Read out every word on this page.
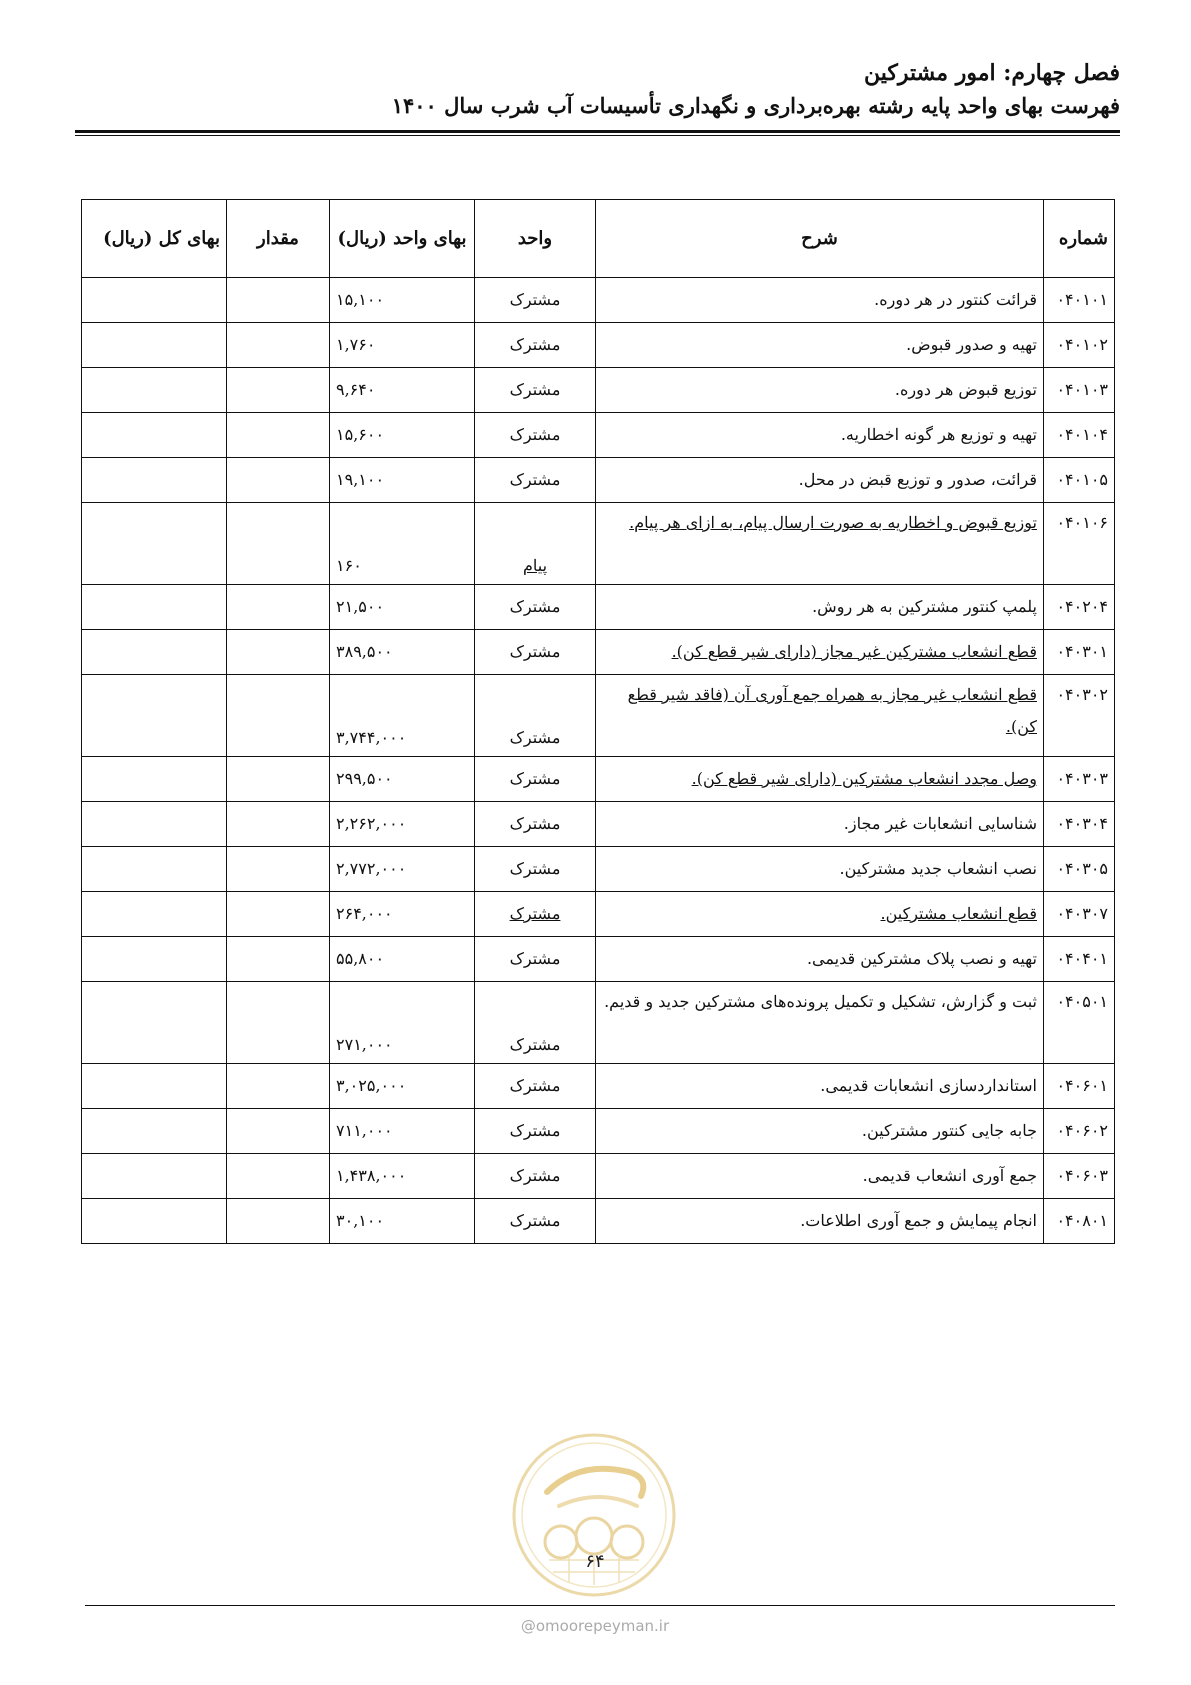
فصل چهارم: امور مشترکین
فهرست بهای واحد پایه رشته بهره‌برداری و نگهداری تأسیسات آب شرب سال ۱۴۰۰
شماره	شرح	واحد	بهای واحد (ریال)	مقدار	بهای کل (ریال)
۰۴۰۱۰۱	قرائت کنتور در هر دوره.	مشترک	۱۵,۱۰۰		
۰۴۰۱۰۲	تهیه و صدور قبوض.	مشترک	۱,۷۶۰		
۰۴۰۱۰۳	توزیع قبوض هر دوره.	مشترک	۹,۶۴۰		
۰۴۰۱۰۴	تهیه و توزیع هر گونه اخطاریه.	مشترک	۱۵,۶۰۰		
۰۴۰۱۰۵	قرائت، صدور و توزیع قبض در محل.	مشترک	۱۹,۱۰۰		
۰۴۰۱۰۶	توزیع قبوض و اخطاریه به صورت ارسال پیام، به ازای هر پیام.	پیام	۱۶۰		
۰۴۰۲۰۴	پلمپ کنتور مشترکین به هر روش.	مشترک	۲۱,۵۰۰		
۰۴۰۳۰۱	قطع انشعاب مشترکین غیر مجاز (دارای شیر قطع کن).	مشترک	۳۸۹,۵۰۰		
۰۴۰۳۰۲	قطع انشعاب غیر مجاز به همراه جمع آوری آن (فاقد شیر قطع کن).	مشترک	۳,۷۴۴,۰۰۰		
۰۴۰۳۰۳	وصل مجدد انشعاب مشترکین (دارای شیر قطع کن).	مشترک	۲۹۹,۵۰۰		
۰۴۰۳۰۴	شناسایی انشعابات غیر مجاز.	مشترک	۲,۲۶۲,۰۰۰		
۰۴۰۳۰۵	نصب انشعاب جدید مشترکین.	مشترک	۲,۷۷۲,۰۰۰		
۰۴۰۳۰۷	قطع انشعاب مشترکین.	مشترک	۲۶۴,۰۰۰		
۰۴۰۴۰۱	تهیه و نصب پلاک مشترکین قدیمی.	مشترک	۵۵,۸۰۰		
۰۴۰۵۰۱	ثبت و گزارش، تشکیل و تکمیل پرونده‌های مشترکین جدید و قدیم.	مشترک	۲۷۱,۰۰۰		
۰۴۰۶۰۱	استانداردسازی انشعابات قدیمی.	مشترک	۳,۰۲۵,۰۰۰		
۰۴۰۶۰۲	جابه جایی کنتور مشترکین.	مشترک	۷۱۱,۰۰۰		
۰۴۰۶۰۳	جمع آوری انشعاب قدیمی.	مشترک	۱,۴۳۸,۰۰۰		
۰۴۰۸۰۱	انجام پیمایش و جمع آوری اطلاعات.	مشترک	۳۰,۱۰۰		
۶۴
@omoorepeyman.ir
